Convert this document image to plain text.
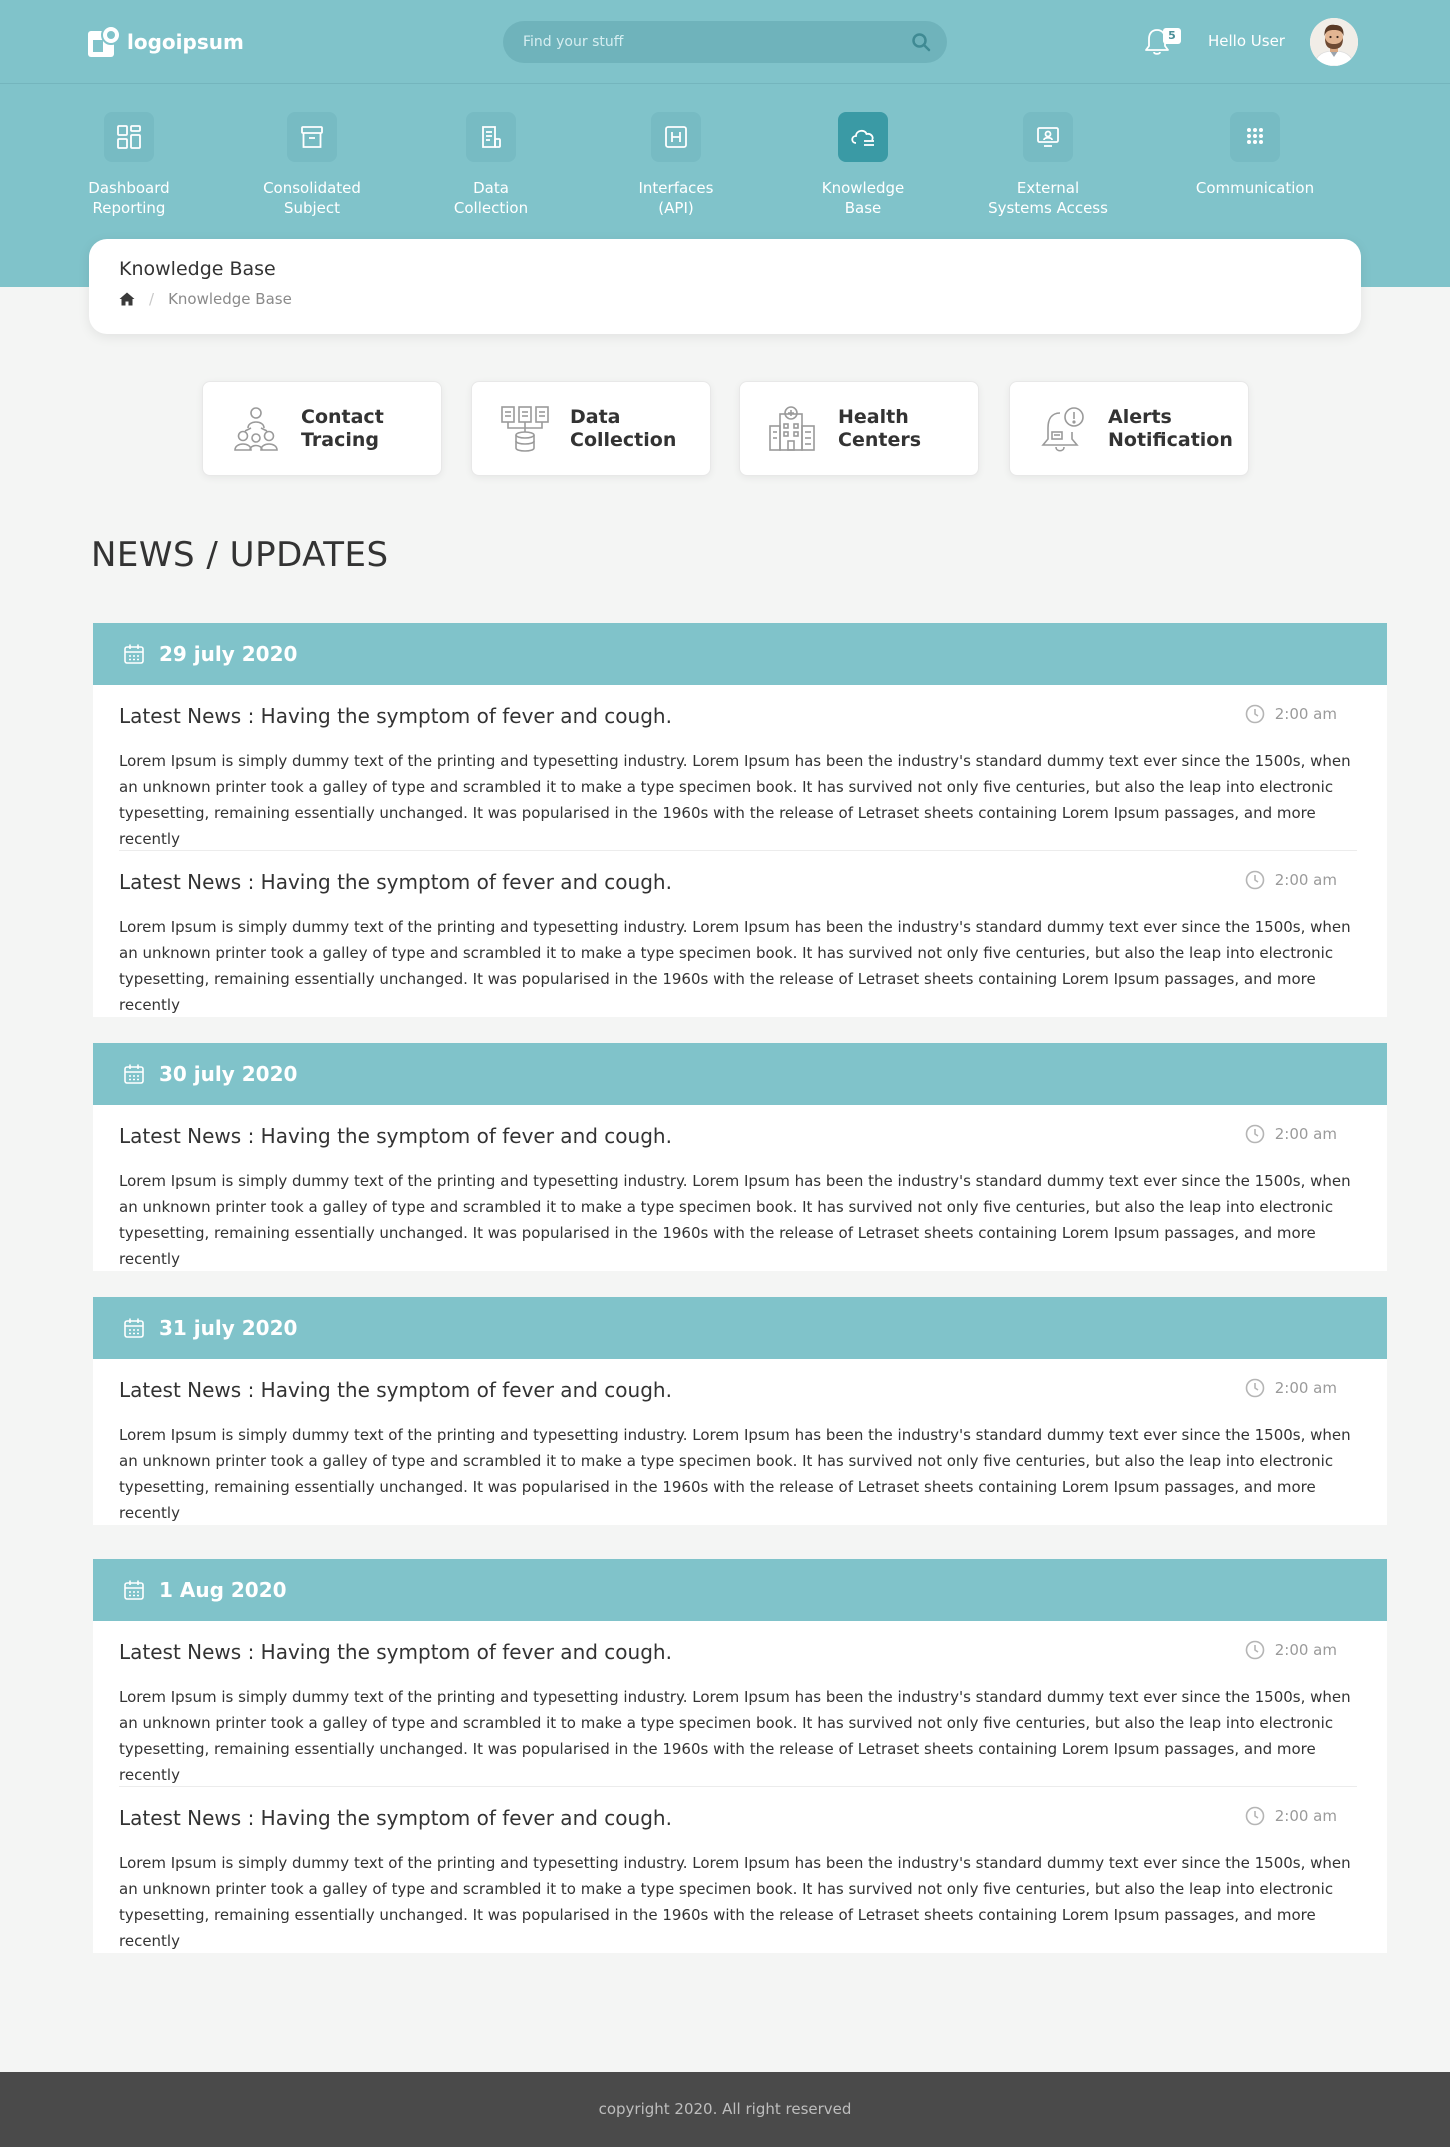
logoipsum
Find your stuff	5	Hello User
Dashboard
Reporting
Consolidated
Subject
Data
Collection
Interfaces
(API)
Knowledge
Base
External
Systems Access
Communication
Knowledge Base
/ Knowledge Base
Contact
Tracing
Data
Collection
Health
Centers
Alerts
Notification
NEWS / UPDATES
29 july 2020
Latest News : Having the symptom of fever and cough.	2:00 am
Lorem Ipsum is simply dummy text of the printing and typesetting industry. Lorem Ipsum has been the industry's standard dummy text ever since the 1500s, when an unknown printer took a galley of type and scrambled it to make a type specimen book. It has survived not only five centuries, but also the leap into electronic typesetting, remaining essentially unchanged. It was popularised in the 1960s with the release of Letraset sheets containing Lorem Ipsum passages, and more recently
Latest News : Having the symptom of fever and cough.	2:00 am
Lorem Ipsum is simply dummy text of the printing and typesetting industry. Lorem Ipsum has been the industry's standard dummy text ever since the 1500s, when an unknown printer took a galley of type and scrambled it to make a type specimen book. It has survived not only five centuries, but also the leap into electronic typesetting, remaining essentially unchanged. It was popularised in the 1960s with the release of Letraset sheets containing Lorem Ipsum passages, and more recently
30 july 2020
Latest News : Having the symptom of fever and cough.	2:00 am
Lorem Ipsum is simply dummy text of the printing and typesetting industry. Lorem Ipsum has been the industry's standard dummy text ever since the 1500s, when an unknown printer took a galley of type and scrambled it to make a type specimen book. It has survived not only five centuries, but also the leap into electronic typesetting, remaining essentially unchanged. It was popularised in the 1960s with the release of Letraset sheets containing Lorem Ipsum passages, and more recently
31 july 2020
Latest News : Having the symptom of fever and cough.	2:00 am
Lorem Ipsum is simply dummy text of the printing and typesetting industry. Lorem Ipsum has been the industry's standard dummy text ever since the 1500s, when an unknown printer took a galley of type and scrambled it to make a type specimen book. It has survived not only five centuries, but also the leap into electronic typesetting, remaining essentially unchanged. It was popularised in the 1960s with the release of Letraset sheets containing Lorem Ipsum passages, and more recently
1 Aug 2020
Latest News : Having the symptom of fever and cough.	2:00 am
Lorem Ipsum is simply dummy text of the printing and typesetting industry. Lorem Ipsum has been the industry's standard dummy text ever since the 1500s, when an unknown printer took a galley of type and scrambled it to make a type specimen book. It has survived not only five centuries, but also the leap into electronic typesetting, remaining essentially unchanged. It was popularised in the 1960s with the release of Letraset sheets containing Lorem Ipsum passages, and more recently
Latest News : Having the symptom of fever and cough.	2:00 am
Lorem Ipsum is simply dummy text of the printing and typesetting industry. Lorem Ipsum has been the industry's standard dummy text ever since the 1500s, when an unknown printer took a galley of type and scrambled it to make a type specimen book. It has survived not only five centuries, but also the leap into electronic typesetting, remaining essentially unchanged. It was popularised in the 1960s with the release of Letraset sheets containing Lorem Ipsum passages, and more recently
copyright 2020. All right reserved
